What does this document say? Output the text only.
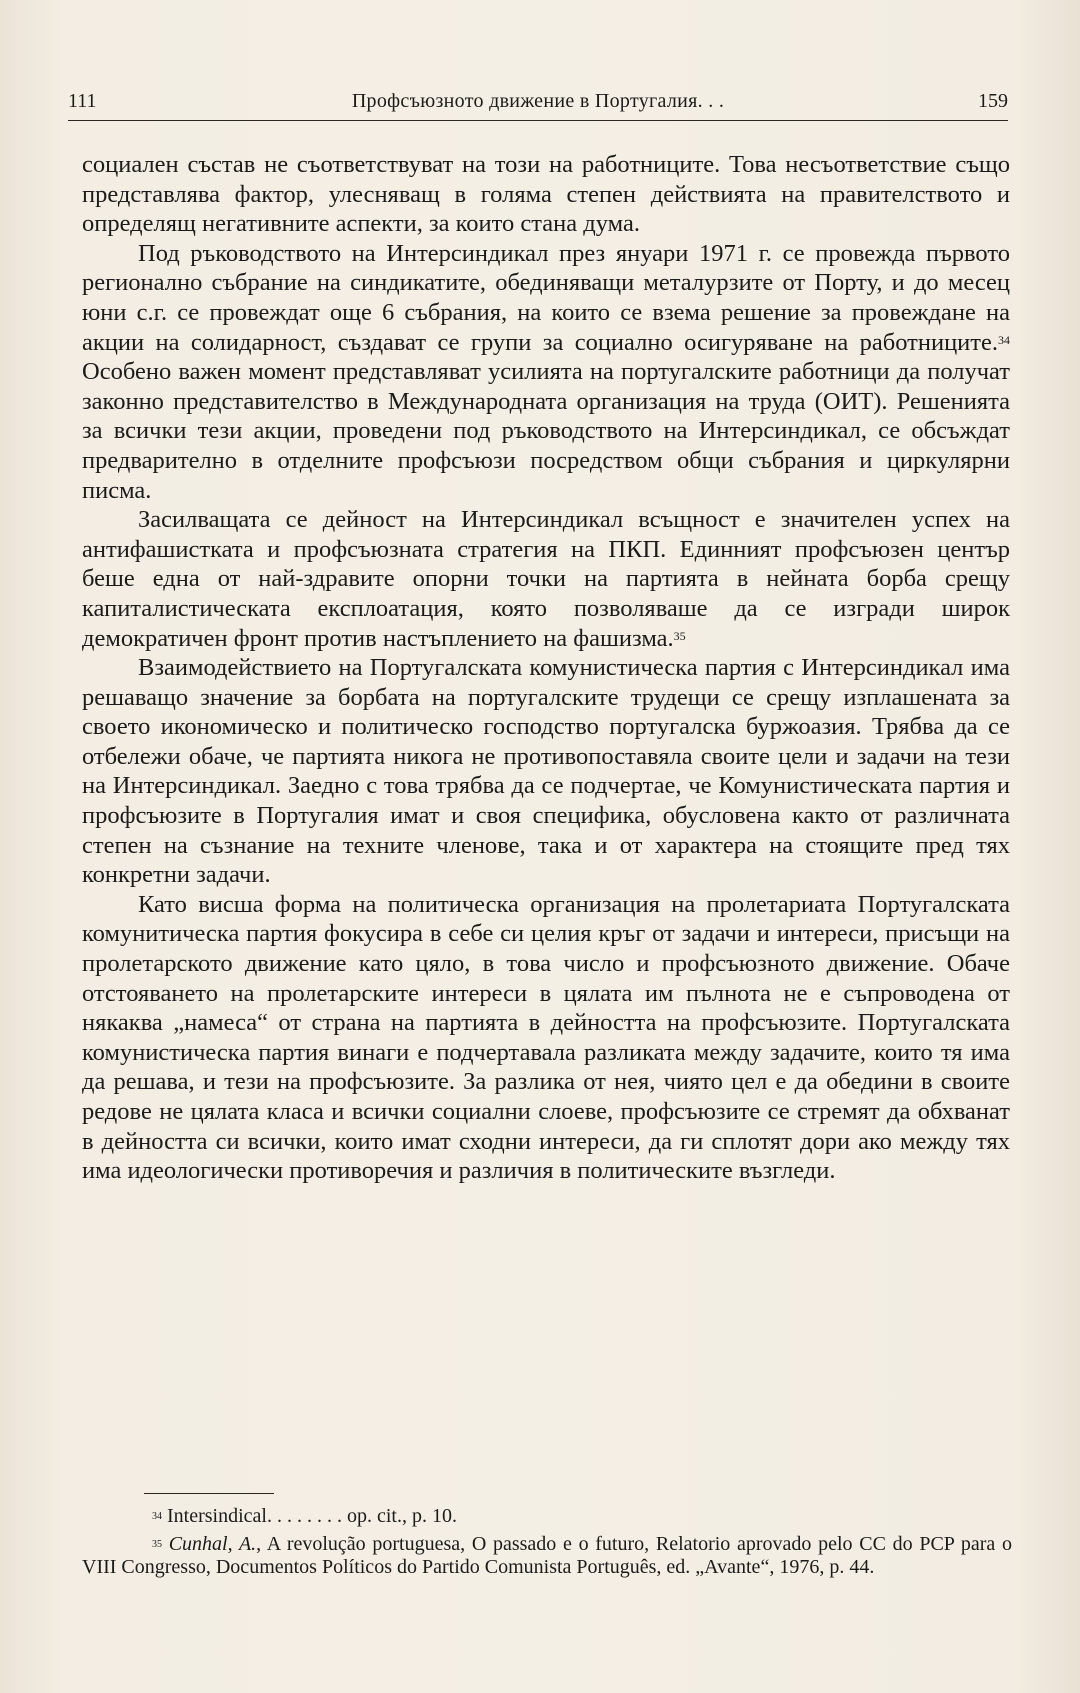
111	Профсъюзното движение в Португалия. . .	159

социален състав не съответствуват на този на работниците. Това несъответствие също представлява фактор, улесняващ в голяма степен действията на правителството и определящ негативните аспекти, за които стана дума.

Под ръководството на Интерсиндикал през януари 1971 г. се провежда първото регионално събрание на синдикатите, обединяващи металурзите от Порту, и до месец юни с.г. се провеждат още 6 събрания, на които се взема решение за провеждане на акции на солидарност, създават се групи за социално осигуряване на работниците.$^{34}$ Особено важен момент представляват усилията на португалските работници да получат законно представителство в Международната организация на труда (ОИТ). Решенията за всички тези акции, проведени под ръководството на Интерсиндикал, се обсъждат предварително в отделните профсъюзи посредством общи събрания и циркулярни писма.

Засилващата се дейност на Интерсиндикал всъщност е значителен успех на антифашистката и профсъюзната стратегия на ПКП. Единният профсъюзен център беше една от най-здравите опорни точки на партията в нейната борба срещу капиталистическата експлоатация, която позволяваше да се изгради широк демократичен фронт против настъплението на фашизма.$^{35}$

Взаимодействието на Португалската комунистическа партия с Интерсиндикал има решаващо значение за борбата на португалските трудещи се срещу изплашената за своето икономическо и политическо господство португалска буржоазия. Трябва да се отбележи обаче, че партията никога не противопоставяла своите цели и задачи на тези на Интерсиндикал. Заедно с това трябва да се подчертае, че Комунистическата партия и профсъюзите в Португалия имат и своя специфика, обусловена както от различната степен на съзнание на техните членове, така и от характера на стоящите пред тях конкретни задачи.

Като висша форма на политическа организация на пролетариата Португалската комунитическа партия фокусира в себе си целия кръг от задачи и интереси, присъщи на пролетарското движение като цяло, в това число и профсъюзното движение. Обаче отстояването на пролетарските интереси в цялата им пълнота не е съпроводена от някаква „намеса“ от страна на партията в дейността на профсъюзите. Португалската комунистическа партия винаги е подчертавала разликата между задачите, които тя има да решава, и тези на профсъюзите. За разлика от нея, чиято цел е да обедини в своите редове не цялата класа и всички социални слоеве, профсъюзите се стремят да обхванат в дейността си всички, които имат сходни интереси, да ги сплотят дори ако между тях има идеологически противоречия и различия в политическите възгледи.

$^{34}$ Intersindical. . . . . . . . op. cit., p. 10.

$^{35}$ Cunhal, A., A revolução portuguesa, O passado e o futuro, Relatorio aprovado pelo CC do PCP para o VIII Congresso, Documentos Políticos do Partido Comunista Português, ed. „Avante“, 1976, p. 44.
